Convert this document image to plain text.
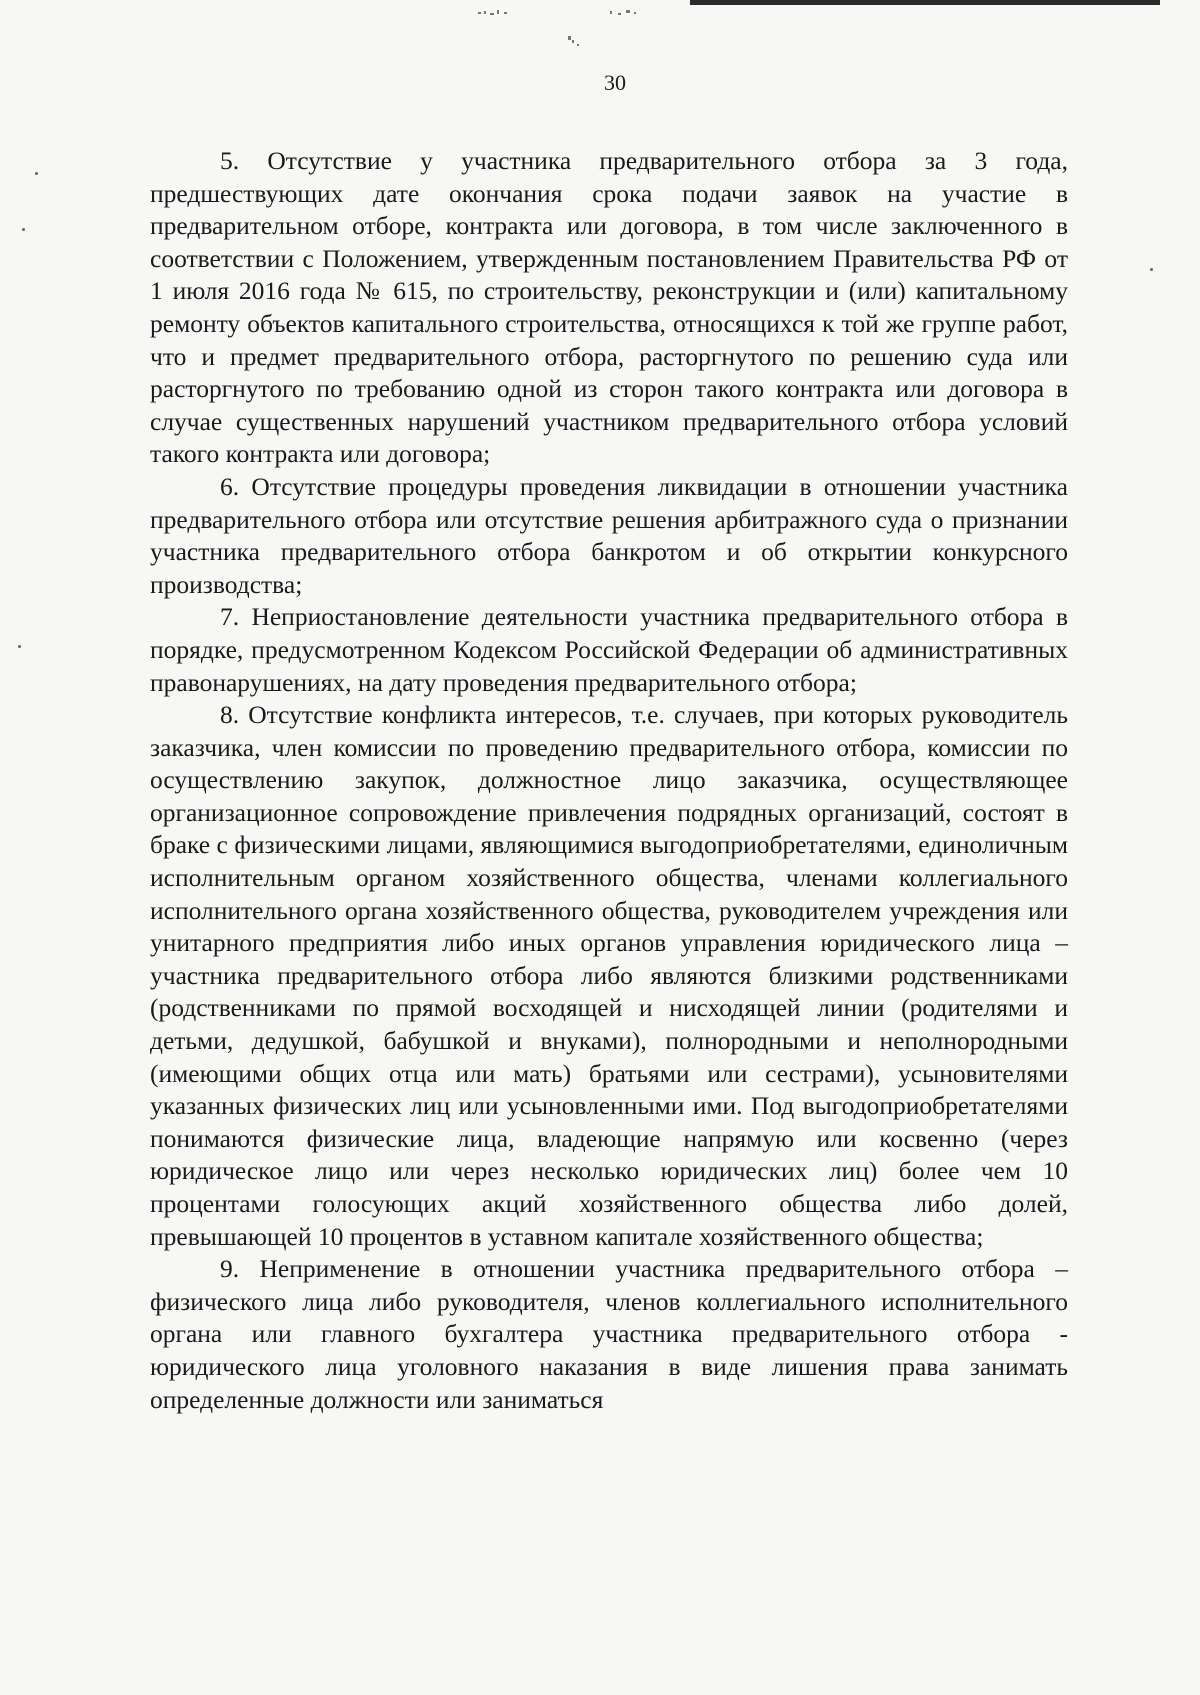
30

5. Отсутствие у участника предварительного отбора за 3 года, предшествующих дате окончания срока подачи заявок на участие в предварительном отборе, контракта или договора, в том числе заключенного в соответствии с Положением, утвержденным постановлением Правительства РФ от 1 июля 2016 года № 615, по строительству, реконструкции и (или) капитальному ремонту объектов капитального строительства, относящихся к той же группе работ, что и предмет предварительного отбора, расторгнутого по решению суда или расторгнутого по требованию одной из сторон такого контракта или договора в случае существенных нарушений участником предварительного отбора условий такого контракта или договора;

6. Отсутствие процедуры проведения ликвидации в отношении участника предварительного отбора или отсутствие решения арбитражного суда о признании участника предварительного отбора банкротом и об открытии конкурсного производства;

7. Неприостановление деятельности участника предварительного отбора в порядке, предусмотренном Кодексом Российской Федерации об административных правонарушениях, на дату проведения предварительного отбора;

8. Отсутствие конфликта интересов, т.е. случаев, при которых руководитель заказчика, член комиссии по проведению предварительного отбора, комиссии по осуществлению закупок, должностное лицо заказчика, осуществляющее организационное сопровождение привлечения подрядных организаций, состоят в браке с физическими лицами, являющимися выгодоприобретателями, единоличным исполнительным органом хозяйственного общества, членами коллегиального исполнительного органа хозяйственного общества, руководителем учреждения или унитарного предприятия либо иных органов управления юридического лица – участника предварительного отбора либо являются близкими родственниками (родственниками по прямой восходящей и нисходящей линии (родителями и детьми, дедушкой, бабушкой и внуками), полнородными и неполнородными (имеющими общих отца или мать) братьями или сестрами), усыновителями указанных физических лиц или усыновленными ими. Под выгодоприобретателями понимаются физические лица, владеющие напрямую или косвенно (через юридическое лицо или через несколько юридических лиц) более чем 10 процентами голосующих акций хозяйственного общества либо долей, превышающей 10 процентов в уставном капитале хозяйственного общества;

9. Неприменение в отношении участника предварительного отбора – физического лица либо руководителя, членов коллегиального исполнительного органа или главного бухгалтера участника предварительного отбора - юридического лица уголовного наказания в виде лишения права занимать определенные должности или заниматься
